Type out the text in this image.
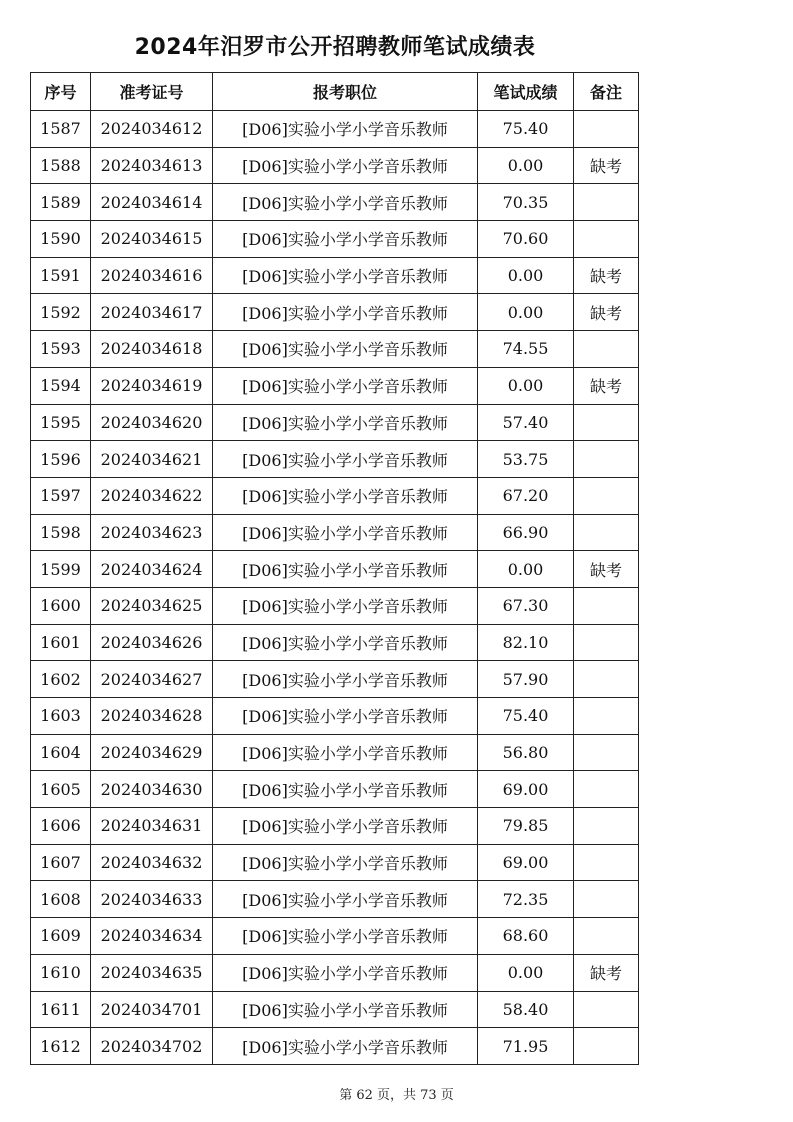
2024年汨罗市公开招聘教师笔试成绩表
序号	准考证号	报考职位	笔试成绩	备注
1587	2024034612	[D06]实验小学小学音乐教师	75.40	
1588	2024034613	[D06]实验小学小学音乐教师	0.00	缺考
1589	2024034614	[D06]实验小学小学音乐教师	70.35	
1590	2024034615	[D06]实验小学小学音乐教师	70.60	
1591	2024034616	[D06]实验小学小学音乐教师	0.00	缺考
1592	2024034617	[D06]实验小学小学音乐教师	0.00	缺考
1593	2024034618	[D06]实验小学小学音乐教师	74.55	
1594	2024034619	[D06]实验小学小学音乐教师	0.00	缺考
1595	2024034620	[D06]实验小学小学音乐教师	57.40	
1596	2024034621	[D06]实验小学小学音乐教师	53.75	
1597	2024034622	[D06]实验小学小学音乐教师	67.20	
1598	2024034623	[D06]实验小学小学音乐教师	66.90	
1599	2024034624	[D06]实验小学小学音乐教师	0.00	缺考
1600	2024034625	[D06]实验小学小学音乐教师	67.30	
1601	2024034626	[D06]实验小学小学音乐教师	82.10	
1602	2024034627	[D06]实验小学小学音乐教师	57.90	
1603	2024034628	[D06]实验小学小学音乐教师	75.40	
1604	2024034629	[D06]实验小学小学音乐教师	56.80	
1605	2024034630	[D06]实验小学小学音乐教师	69.00	
1606	2024034631	[D06]实验小学小学音乐教师	79.85	
1607	2024034632	[D06]实验小学小学音乐教师	69.00	
1608	2024034633	[D06]实验小学小学音乐教师	72.35	
1609	2024034634	[D06]实验小学小学音乐教师	68.60	
1610	2024034635	[D06]实验小学小学音乐教师	0.00	缺考
1611	2024034701	[D06]实验小学小学音乐教师	58.40	
1612	2024034702	[D06]实验小学小学音乐教师	71.95	
第 62 页，共 73 页
